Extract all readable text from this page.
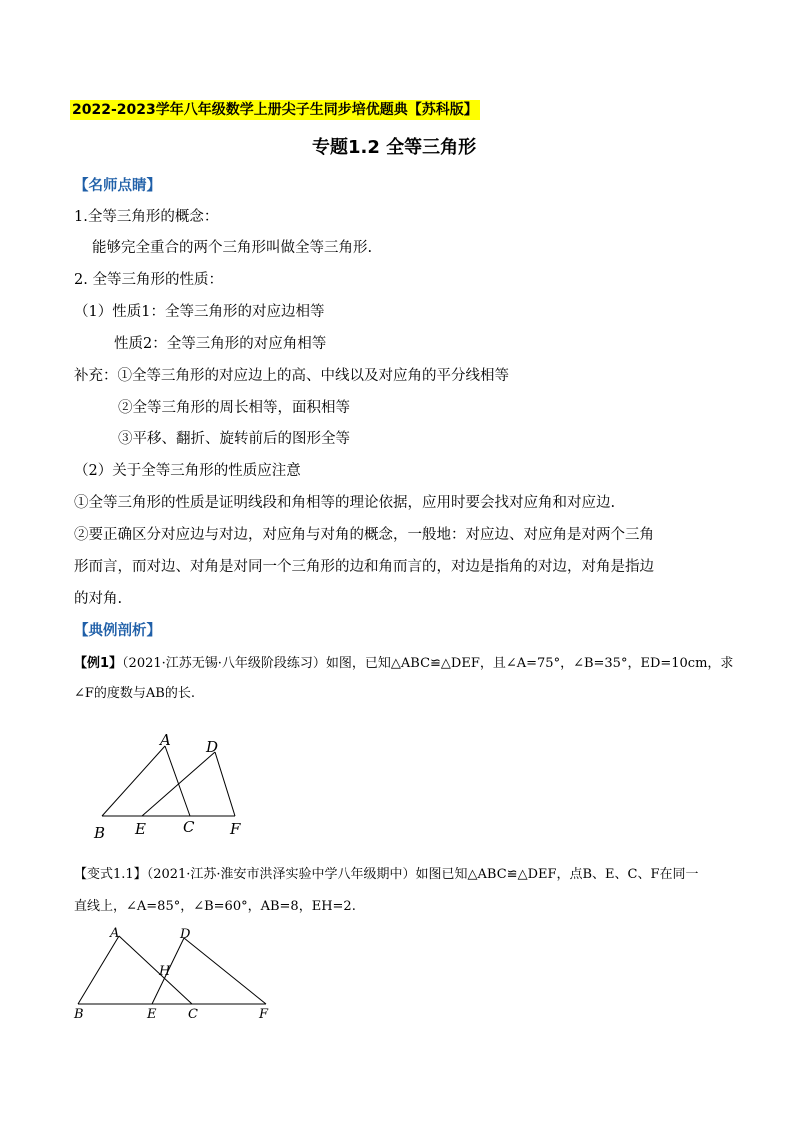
2022-2023学年八年级数学上册尖子生同步培优题典【苏科版】
专题1.2 全等三角形
【名师点睛】
1.全等三角形的概念：
能够完全重合的两个三角形叫做全等三角形.
2. 全等三角形的性质：
（1）性质1：全等三角形的对应边相等
性质2：全等三角形的对应角相等
补充：①全等三角形的对应边上的高、中线以及对应角的平分线相等
②全等三角形的周长相等，面积相等
③平移、翻折、旋转前后的图形全等
（2）关于全等三角形的性质应注意
①全等三角形的性质是证明线段和角相等的理论依据，应用时要会找对应角和对应边.
②要正确区分对应边与对边，对应角与对角的概念，一般地：对应边、对应角是对两个三角
形而言，而对边、对角是对同一个三角形的边和角而言的，对边是指角的对边，对角是指边
的对角.
【典例剖析】
【例1】（2021·江苏无锡·八年级阶段练习）如图，已知△ABC≌△DEF，且∠A=75°，∠B=35°，ED=10cm，求
∠F的度数与AB的长.
A D
B E C F
【变式1.1】（2021·江苏·淮安市洪泽实验中学八年级期中）如图已知△ABC≌△DEF，点B、E、C、F在同一
直线上，∠A=85°，∠B=60°，AB=8，EH=2.
A	D
H
B	E C	F
